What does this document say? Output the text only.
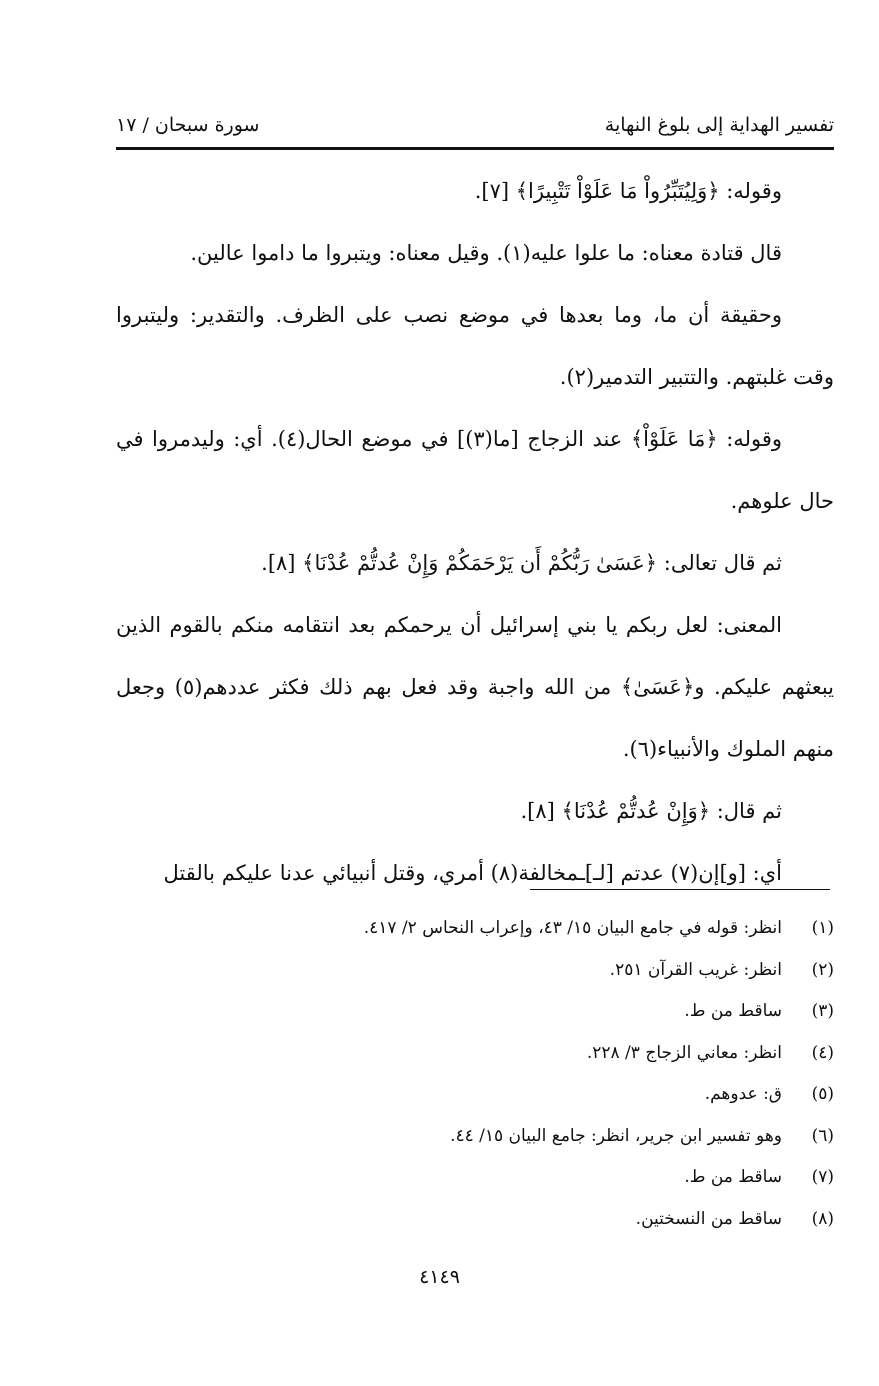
تفسير الهداية إلى بلوغ النهاية
سورة سبحان / ١٧

وقوله: ﴿وَلِيُتَبِّرُواْ مَا عَلَوْاْ تَتْبِيرًا﴾ [٧].

قال قتادة معناه: ما علوا عليه(١). وقيل معناه: ويتبروا ما داموا عالين.

وحقيقة أن ما، وما بعدها في موضع نصب على الظرف. والتقدير: وليتبروا وقت غلبتهم. والتتبير التدمير(٢).

وقوله: ﴿مَا عَلَوْاْ﴾ عند الزجاج [ما(٣)] في موضع الحال(٤). أي: وليدمروا في حال علوهم.

ثم قال تعالى: ﴿عَسَىٰ رَبُّكُمْ أَن يَرْحَمَكُمْ وَإِنْ عُدتُّمْ عُدْنَا﴾ [٨].

المعنى: لعل ربكم يا بني إسرائيل أن يرحمكم بعد انتقامه منكم بالقوم الذين يبعثهم عليكم. و﴿عَسَىٰ﴾ من الله واجبة وقد فعل بهم ذلك فكثر عددهم(٥) وجعل منهم الملوك والأنبياء(٦).

ثم قال: ﴿وَإِنْ عُدتُّمْ عُدْنَا﴾ [٨].

أي: [و]إن(٧) عدتم [لـ]ـمخالفة(٨) أمري، وقتل أنبيائي عدنا عليكم بالقتل

(١)
انظر: قوله في جامع البيان ١٥/ ٤٣، وإعراب النحاس ٢/ ٤١٧.
(٢)
انظر: غريب القرآن ٢٥١.
(٣)
ساقط من ط.
(٤)
انظر: معاني الزجاج ٣/ ٢٢٨.
(٥)
ق: عدوهم.
(٦)
وهو تفسير ابن جرير، انظر: جامع البيان ١٥/ ٤٤.
(٧)
ساقط من ط.
(٨)
ساقط من النسختين.
٤١٤٩
